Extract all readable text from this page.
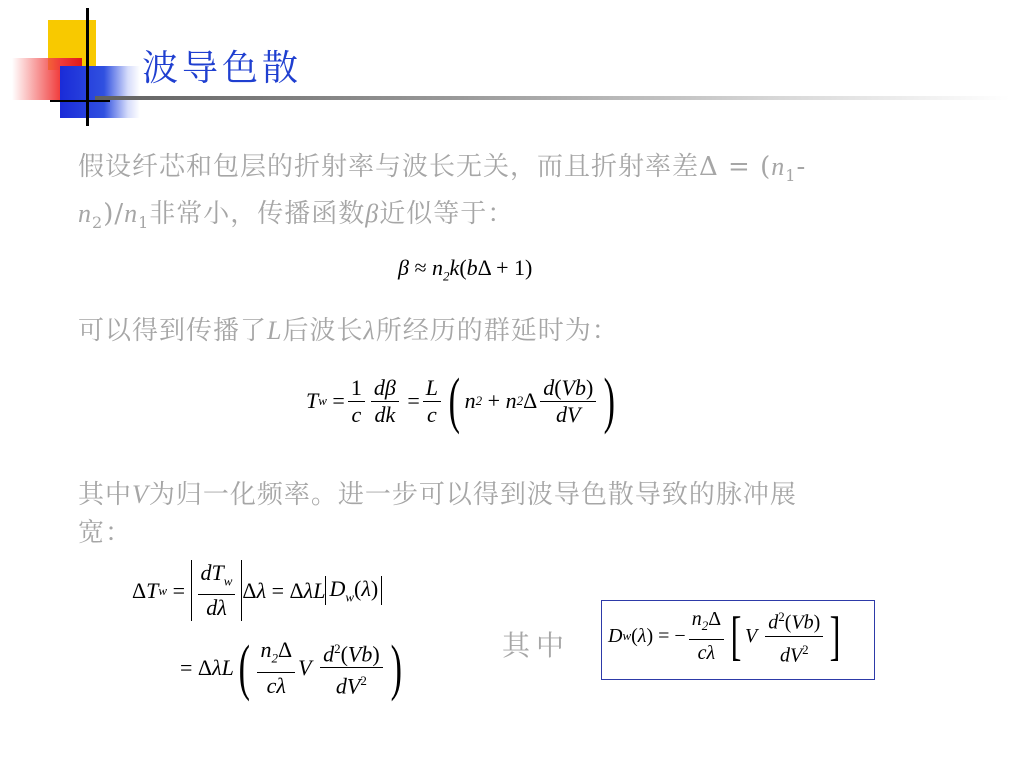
波导色散
假设纤芯和包层的折射率与波长无关，而且折射率差$\Delta = (n_1-$
$n_2)/n_1$非常小，传播函数β近似等于：
$\beta \approx n_2k(b\Delta + 1)$
可以得到传播了L后波长λ所经历的群延时为：
T $w = \frac{1}{c} \frac{d\beta}{dk} = \frac{L}{c}$ ( n 2 + n 2 Δ $\frac{d(Vb)}{dV}$ )
其中V为归一化频率。进一步可以得到波导色散导致的脉冲展
宽：
Δ T $w = \frac{dT_w}{d\lambda}$ Δ λ = Δ λL $D_w(\lambda)$
= Δ λL ( $\frac{n_2\Delta}{c\lambda}$ V
$\frac{d^2(Vb)}{dV^2}$ )	其中 D w ( λ ) = − $\frac{n_2\Delta}{c\lambda}$ [ V
$\frac{d^2(Vb)}{dV^2}$ ]
